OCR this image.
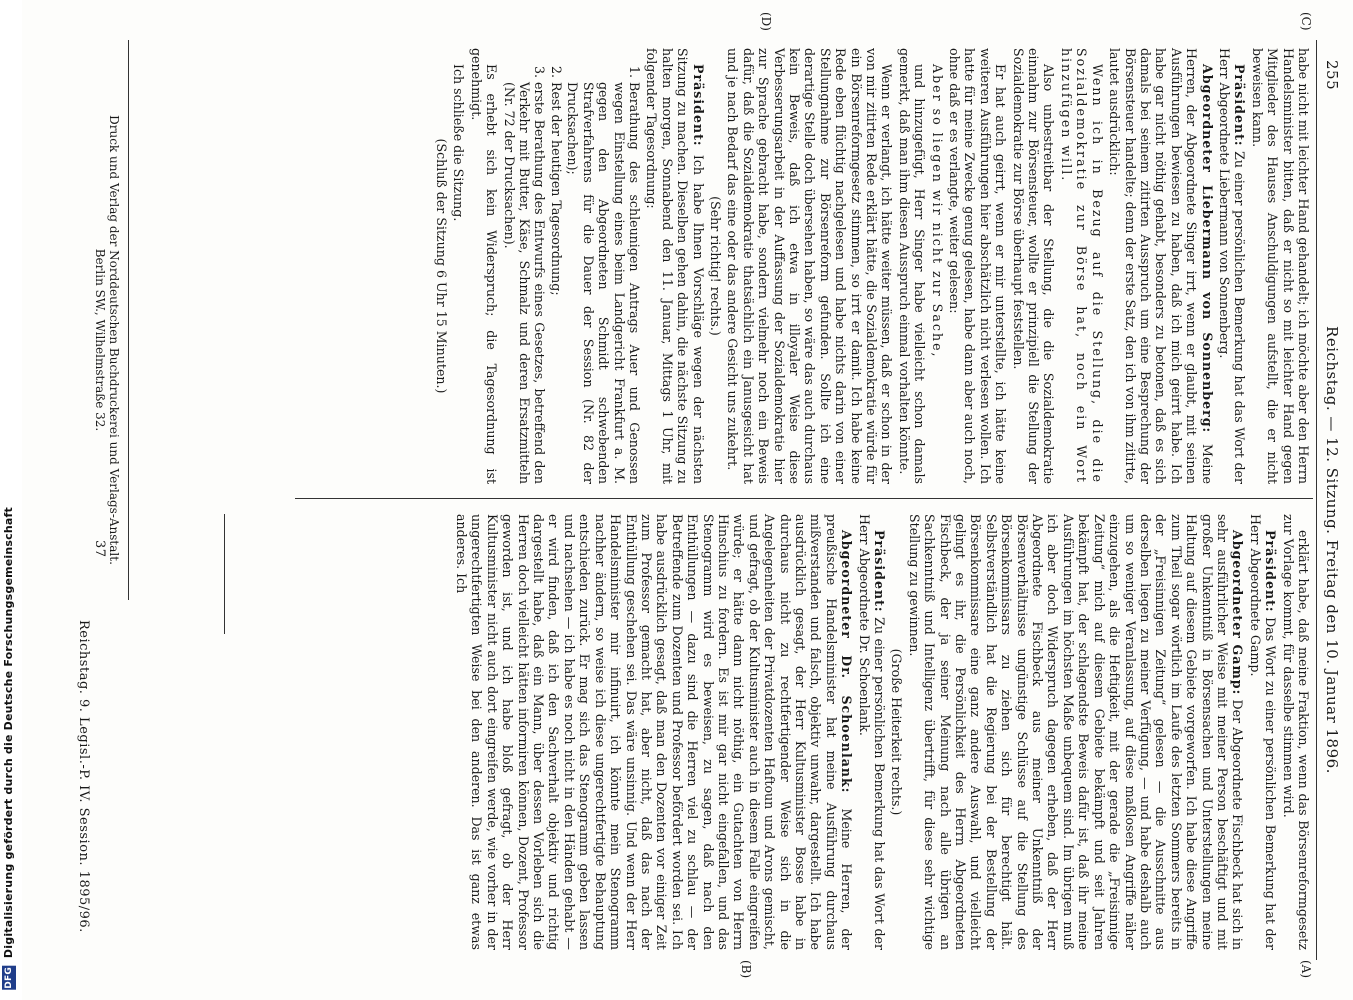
255
Reichstag. — 12. Sitzung. Freitag den 10. Januar 1896.
(C)
(D)
(A)
(B)

habe nicht mit leichter Hand gehandelt; ich möchte aber den Herrn Handelsminister bitten, daß er nicht so mit leichter Hand gegen Mitglieder des Hauses Anschuldigungen aufstellt, die er nicht beweisen kann.

Präsident: Zu einer persönlichen Bemerkung hat das Wort der Herr Abgeordnete Liebermann von Sonnenberg.

Abgeordneter Liebermann von Sonnenberg: Meine Herren, der Abgeordnete Singer irrt, wenn er glaubt, mit seinen Ausführungen bewiesen zu haben, daß ich mich geirrt habe. Ich habe gar nicht nöthig gehabt, besonders zu betonen, daß es sich damals bei seinem zitirten Ausspruch um eine Besprechung der Börsensteuer handelte; denn der erste Satz, den ich von ihm zitirte, lautet ausdrücklich:

Wenn ich in Bezug auf die Stellung, die die Sozialdemokratie zur Börse hat, noch ein Wort hinzufügen will.

Also unbestreitbar der Stellung, die die Sozialdemokratie einnahm zur Börsensteuer, wollte er prinzipiell die Stellung der Sozialdemokratie zur Börse überhaupt feststellen.

Er hat auch geirrt, wenn er mir unterstellte, ich hätte keine weiteren Ausführungen hier abschätzlich nicht verlesen wollen. Ich hatte für meine Zwecke genug gelesen, habe dann aber auch noch, ohne daß er es verlangte, weiter gelesen:

Aber so liegen wir nicht zur Sache,

und hinzugefügt, Herr Singer habe vielleicht schon damals gemerkt, daß man ihm diesen Ausspruch einmal vorhalten könnte.

Wenn er verlangt, ich hätte weiter müssen, daß er schon in der von mir zitirten Rede erklärt hätte, die Sozialdemokratie würde für ein Börsenreformgesetz stimmen, so irrt er damit. Ich habe keine Rede eben flüchtig nachgelesen und habe nichts darin von einer Stellungnahme zur Börsenreform gefunden. Sollte ich eine derartige Stelle doch übersehen haben, so wäre das auch durchaus kein Beweis, daß ich etwa in illoyaler Weise diese Verbesserungsarbeit in der Auffassung der Sozialdemokratie hier zur Sprache gebracht habe, sondern vielmehr noch ein Beweis dafür, daß die Sozialdemokratie thatsächlich ein Janusgesicht hat und je nach Bedarf das eine oder das andere Gesicht uns zukehrt.

(Sehr richtig! rechts.)

Präsident: Ich habe Ihnen Vorschläge wegen der nächsten Sitzung zu machen. Dieselben gehen dahin, die nächste Sitzung zu halten morgen, Sonnabend den 11. Januar, Mittags 1 Uhr, mit folgender Tagesordnung:

1. Berathung des schleunigen Antrags Auer und Genossen wegen Einstellung eines beim Landgericht Frankfurt a. M. gegen den Abgeordneten Schmidt schwebenden Strafverfahrens für die Dauer der Session (Nr. 82 der Drucksachen);
2. Rest der heutigen Tagesordnung;
3. erste Berathung des Entwurfs eines Gesetzes, betreffend den Verkehr mit Butter, Käse, Schmalz und deren Ersatzmitteln (Nr. 72 der Drucksachen).

Es erhebt sich kein Widerspruch; die Tagesordnung ist genehmigt.

Ich schließe die Sitzung.

(Schluß der Sitzung 6 Uhr 15 Minuten.)

erklärt habe, daß meine Fraktion, wenn das Börsenreformgesetz zur Vorlage kommt, für dasselbe stimmen wird.

Präsident: Das Wort zu einer persönlichen Bemerkung hat der Herr Abgeordnete Gamp.

Abgeordneter Gamp: Der Abgeordnete Fischbeck hat sich in sehr ausführlicher Weise mit meiner Person beschäftigt und mit großer Unkenntniß in Börsensachen und Unterstellungen meine Haltung auf diesem Gebiete vorgeworfen. Ich habe diese Angriffe zum Theil sogar wörtlich im Laufe des letzten Sommers bereits in der „Freisinnigen Zeitung“ gelesen — die Ausschnitte aus derselben liegen zu meiner Verfügung, — und habe deshalb auch um so weniger Veranlassung, auf diese maßlosen Angriffe näher einzugehen, als die Heftigkeit, mit der gerade die „Freisinnige Zeitung“ mich auf diesem Gebiete bekämpft und seit Jahren bekämpft hat, der schlagendste Beweis dafür ist, daß ihr meine Ausführungen im höchsten Maße unbequem sind. Im übrigen muß ich aber doch Widerspruch dagegen erheben, daß der Herr Abgeordnete Fischbeck aus meiner Unkenntniß der Börsenverhältnisse ungünstige Schlüsse auf die Stellung des Börsenkommissars zu ziehen sich für berechtigt hält. Selbstverständlich hat die Regierung bei der Bestellung der Börsenkommissare eine ganz andere Auswahl, und vielleicht gelingt es ihr, die Persönlichkeit des Herrn Abgeordneten Fischbeck, der ja seiner Meinung nach alle übrigen an Sachkenntniß und Intelligenz übertrifft, für diese sehr wichtige Stellung zu gewinnen.

(Große Heiterkeit rechts.)

Präsident: Zu einer persönlichen Bemerkung hat das Wort der Herr Abgeordnete Dr. Schoenlank.

Abgeordneter Dr. Schoenlank: Meine Herren, der preußische Handelsminister hat meine Ausführung durchaus mißverstanden und falsch, objektiv unwahr, dargestellt. Ich habe ausdrücklich gesagt, der Herr Kultusminister Bosse habe in durchaus nicht zu rechtfertigender Weise sich in die Angelegenheiten der Privatdozenten Haftoun und Arons gemischt, und gefragt, ob der Kultusminister auch in diesem Falle eingreifen würde; er hätte dann nicht nöthig, ein Gutachten von Herrn Hinschius zu fordern. Es ist mir gar nicht eingefallen, und das Stenogramm wird es beweisen, zu sagen, daß nach den Enthüllungen — dazu sind die Herren viel zu schlau — der Betreffende zum Dozenten und Professor befördert worden sei. Ich habe ausdrücklich gesagt, daß man den Dozenten vor einiger Zeit zum Professor gemacht hat, aber nicht, daß das nach der Enthüllung geschehen sei. Das wäre unsinnig. Und wenn der Herr Handelsminister mir infinuirt, ich könnte mein Stenogramm nachher ändern, so weise ich diese ungerechtfertigte Behauptung entschieden zurück. Er mag sich das Stenogramm geben lassen und nachsehen — ich habe es noch nicht in den Händen gehabt — er wird finden, daß ich den Sachverhalt objektiv und richtig dargestellt habe, daß ein Mann, über dessen Vorleben sich die Herren doch vielleicht hätten informiren können, Dozent, Professor geworden ist, und ich habe bloß gefragt, ob der Herr Kultusminister nicht auch dort eingreifen werde, wie vorher in der ungerechtfertigten Weise bei den anderen. Das ist ganz etwas anderes. Ich

Reichstag. 9. Legisl.-P. IV. Session. 1895/96.
Druck und Verlag der Norddeutschen Buchdruckerei und Verlags-Anstalt.
Berlin SW., Wilhelmstraße 32.
37
DFG Digitalisierung gefördert durch die Deutsche Forschungsgemeinschaft
